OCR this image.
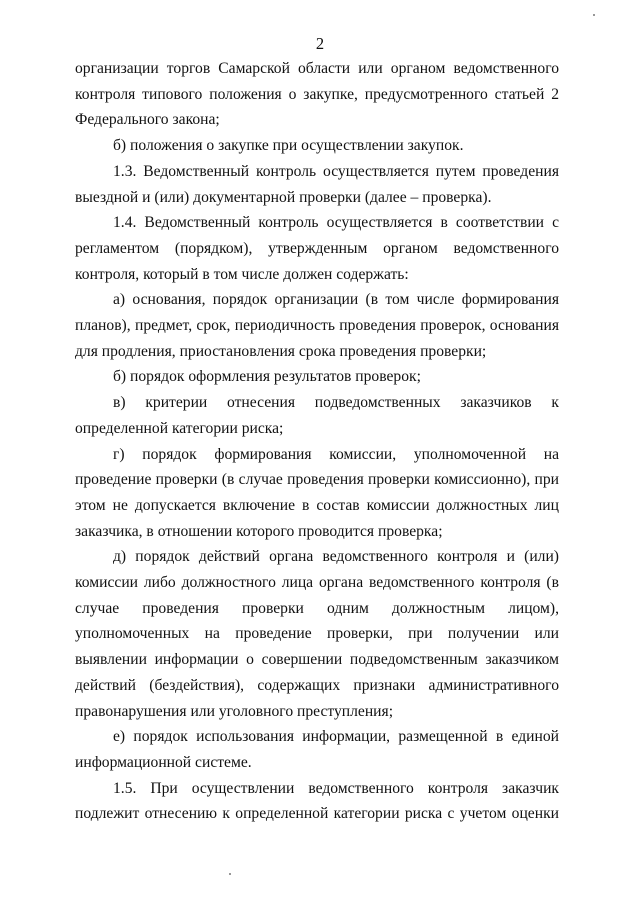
2

организации торгов Самарской области или органом ведомственного контроля типового положения о закупке, предусмотренного статьей 2 Федерального закона;

б) положения о закупке при осуществлении закупок.

1.3. Ведомственный контроль осуществляется путем проведения выездной и (или) документарной проверки (далее – проверка).

1.4. Ведомственный контроль осуществляется в соответствии с регламентом (порядком), утвержденным органом ведомственного контроля, который в том числе должен содержать:

а) основания, порядок организации (в том числе формирования планов), предмет, срок, периодичность проведения проверок, основания для продления, приостановления срока проведения проверки;

б) порядок оформления результатов проверок;

в) критерии отнесения подведомственных заказчиков к определенной категории риска;

г) порядок формирования комиссии, уполномоченной на проведение проверки (в случае проведения проверки комиссионно), при этом не допускается включение в состав комиссии должностных лиц заказчика, в отношении которого проводится проверка;

д) порядок действий органа ведомственного контроля и (или) комиссии либо должностного лица органа ведомственного контроля (в случае проведения проверки одним должностным лицом), уполномоченных на проведение проверки, при получении или выявлении информации о совершении подведомственным заказчиком действий (бездействия), содержащих признаки административного правонарушения или уголовного преступления;

е) порядок использования информации, размещенной в единой информационной системе.

1.5. При осуществлении ведомственного контроля заказчик подлежит отнесению к определенной категории риска с учетом оценки
